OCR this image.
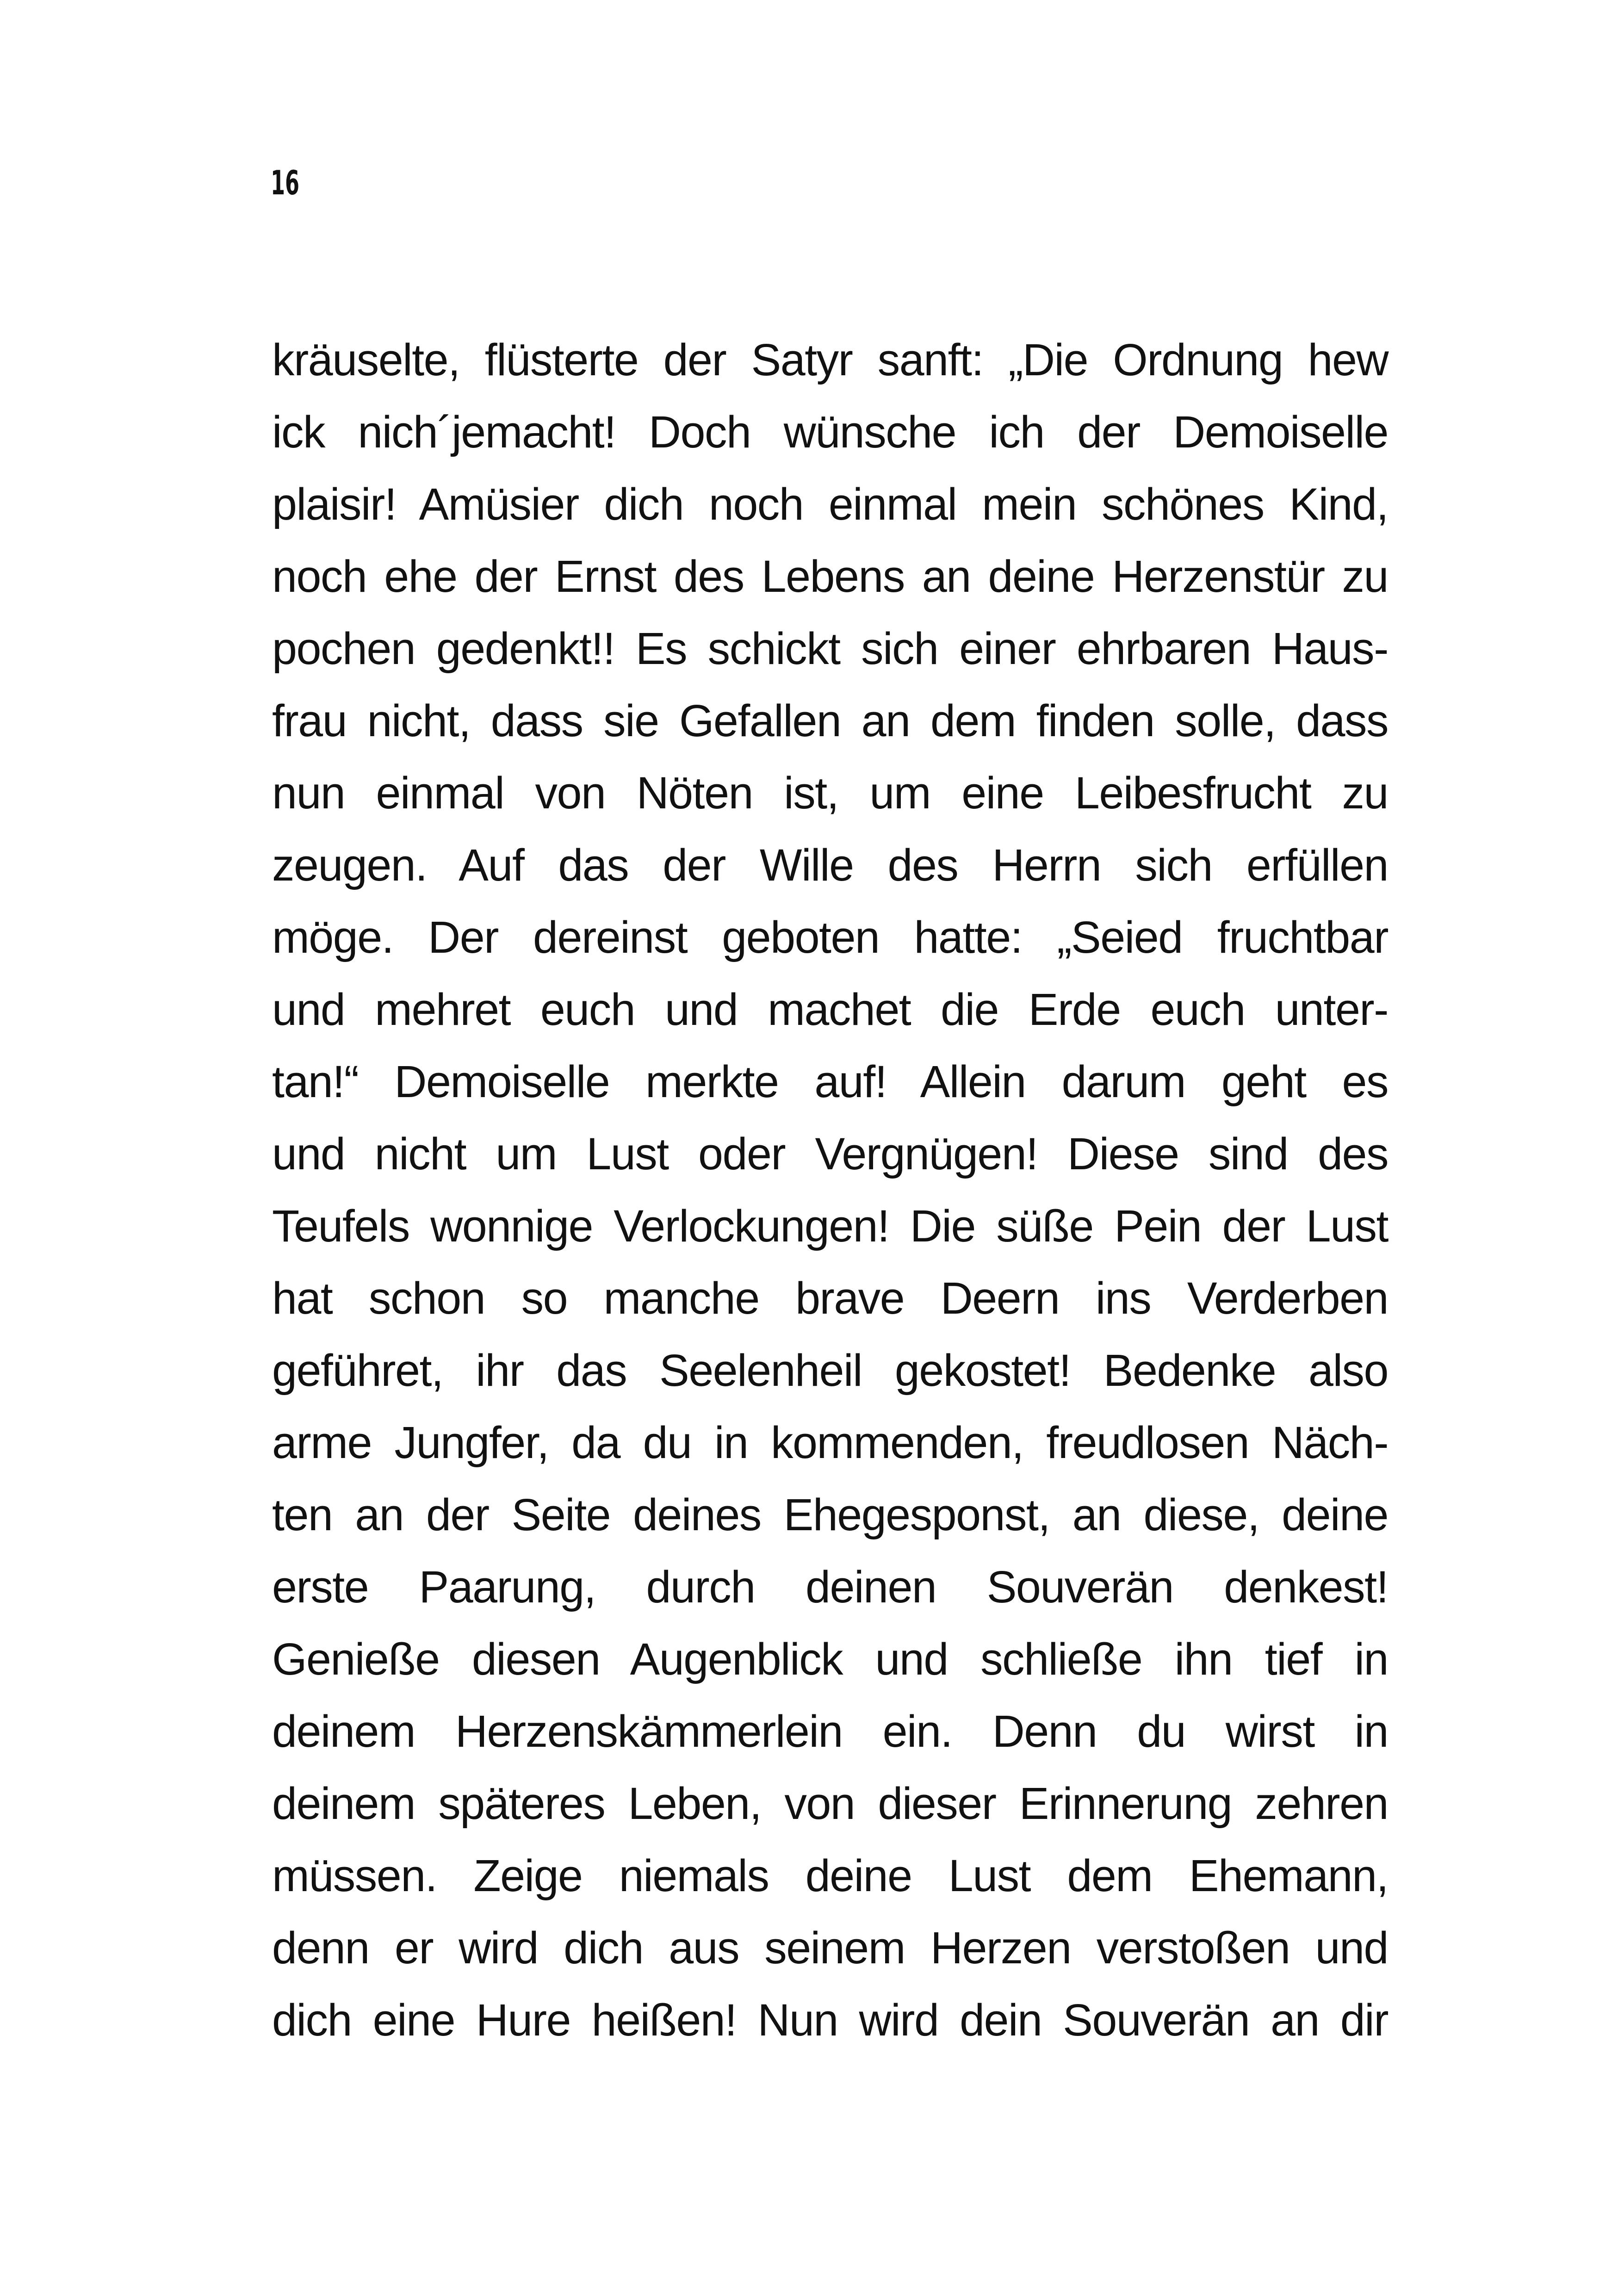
16
kräuselte, flüsterte der Satyr sanft: „Die Ordnung hew
ick nich´jemacht! Doch wünsche ich der Demoiselle
plaisir! Amüsier dich noch einmal mein schönes Kind,
noch ehe der Ernst des Lebens an deine Herzenstür zu
pochen gedenkt!! Es schickt sich einer ehrbaren Haus-
frau nicht, dass sie Gefallen an dem finden solle, dass
nun einmal von Nöten ist, um eine Leibesfrucht zu
zeugen. Auf das der Wille des Herrn sich erfüllen
möge. Der dereinst geboten hatte: „Seied fruchtbar
und mehret euch und machet die Erde euch unter-
tan!“ Demoiselle merkte auf! Allein darum geht es
und nicht um Lust oder Vergnügen! Diese sind des
Teufels wonnige Verlockungen! Die süße Pein der Lust
hat schon so manche brave Deern ins Verderben
geführet, ihr das Seelenheil gekostet! Bedenke also
arme Jungfer, da du in kommenden, freudlosen Näch-
ten an der Seite deines Ehegesponst, an diese, deine
erste Paarung, durch deinen Souverän denkest!
Genieße diesen Augenblick und schließe ihn tief in
deinem Herzenskämmerlein ein. Denn du wirst in
deinem späteres Leben, von dieser Erinnerung zehren
müssen. Zeige niemals deine Lust dem Ehemann,
denn er wird dich aus seinem Herzen verstoßen und
dich eine Hure heißen! Nun wird dein Souverän an dir
